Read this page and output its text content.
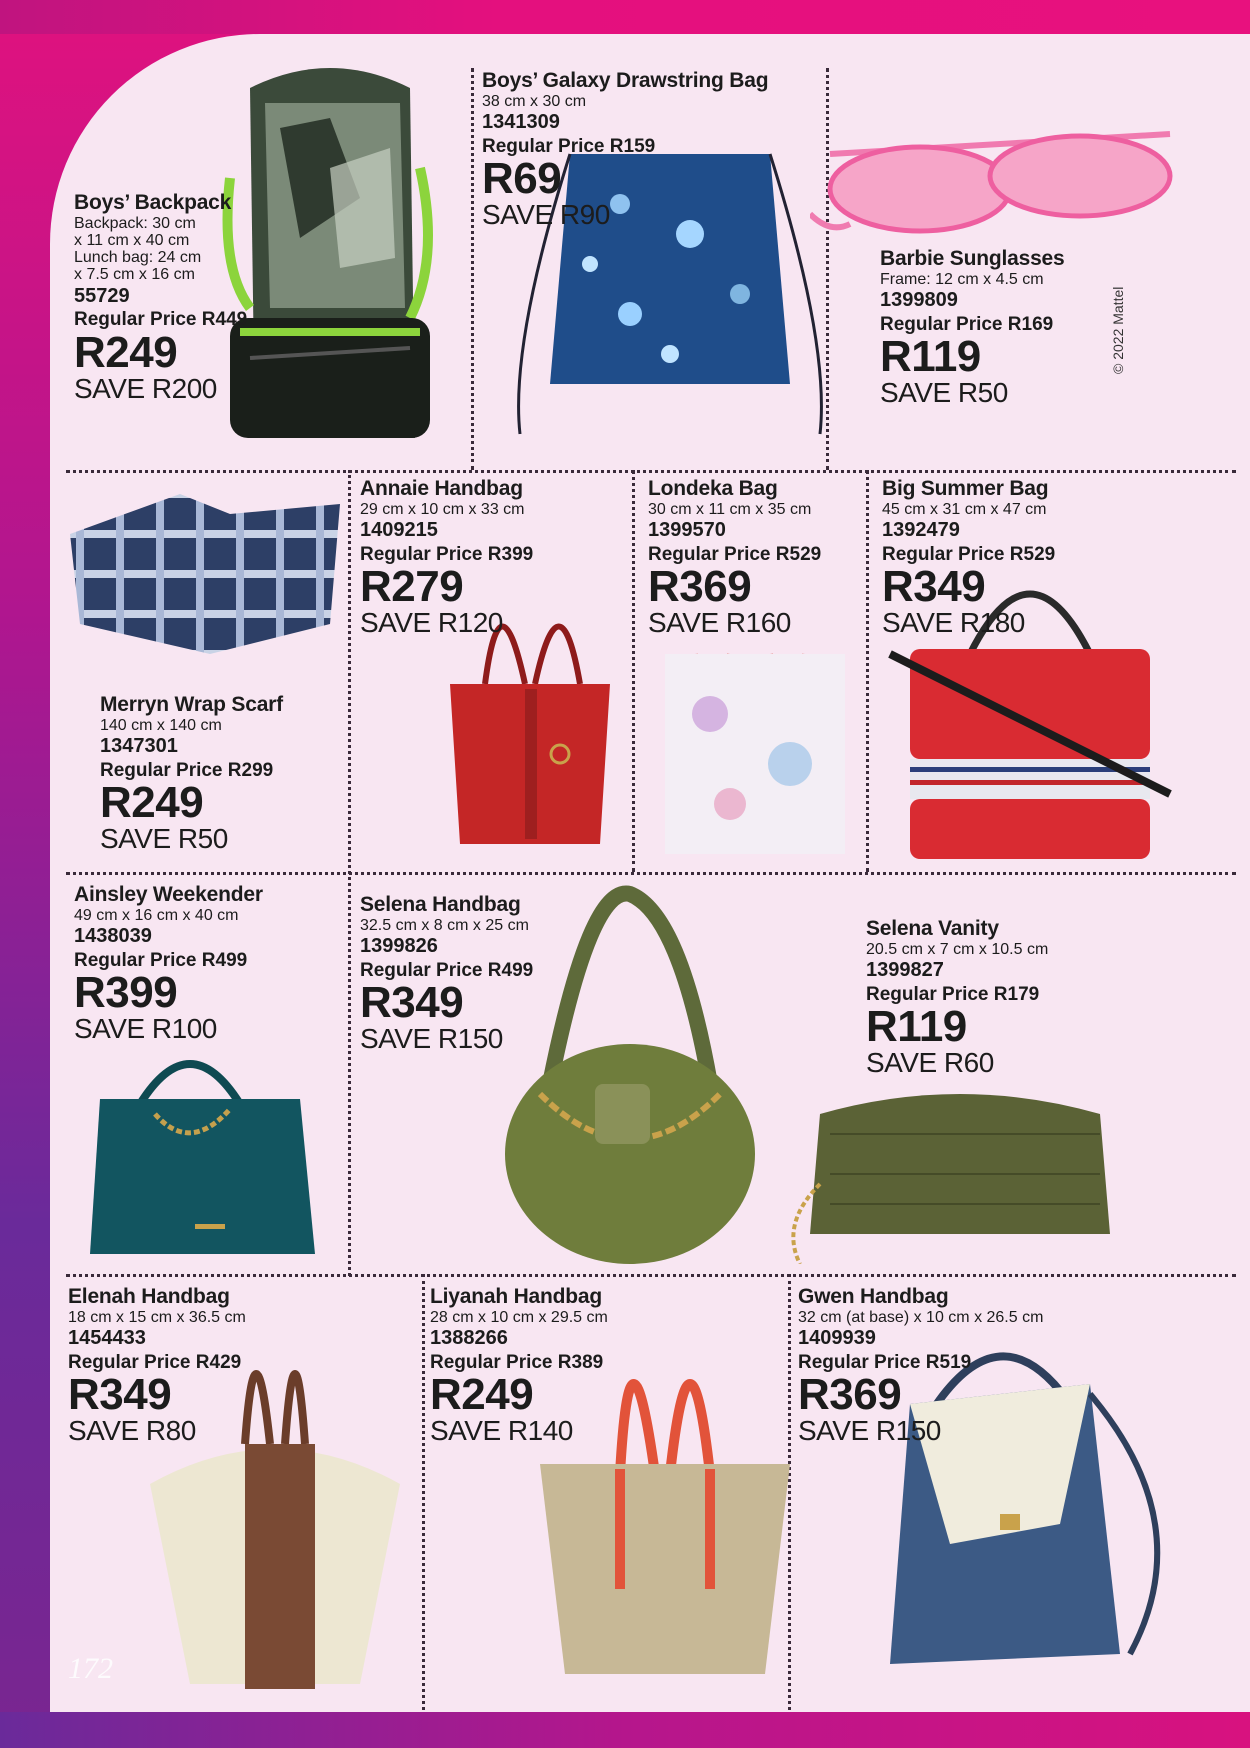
Boys’ Backpack
Backpack: 30 cm
x 11 cm x 40 cm
Lunch bag: 24 cm
x 7.5 cm x 16 cm
55729
Regular Price R449
R249
SAVE R200
Boys’ Galaxy Drawstring Bag
38 cm x 30 cm
1341309
Regular Price R159
R69
SAVE R90
Barbie Sunglasses
Frame: 12 cm x 4.5 cm
1399809
Regular Price R169
R119
SAVE R50
© 2022 Mattel
Merryn Wrap Scarf
140 cm x 140 cm
1347301
Regular Price R299
R249
SAVE R50
Annaie Handbag
29 cm x 10 cm x 33 cm
1409215
Regular Price R399
R279
SAVE R120
Londeka Bag
30 cm x 11 cm x 35 cm
1399570
Regular Price R529
R369
SAVE R160
Big Summer Bag
45 cm x 31 cm x 47 cm
1392479
Regular Price R529
R349
SAVE R180
Ainsley Weekender
49 cm x 16 cm x 40 cm
1438039
Regular Price R499
R399
SAVE R100
Selena Handbag
32.5 cm x 8 cm x 25 cm
1399826
Regular Price R499
R349
SAVE R150
Selena Vanity
20.5 cm x 7 cm x 10.5 cm
1399827
Regular Price R179
R119
SAVE R60
Elenah Handbag
18 cm x 15 cm x 36.5 cm
1454433
Regular Price R429
R349
SAVE R80
Liyanah Handbag
28 cm x 10 cm x 29.5 cm
1388266
Regular Price R389
R249
SAVE R140
Gwen Handbag
32 cm (at base) x 10 cm x 26.5 cm
1409939
Regular Price R519
R369
SAVE R150
172
